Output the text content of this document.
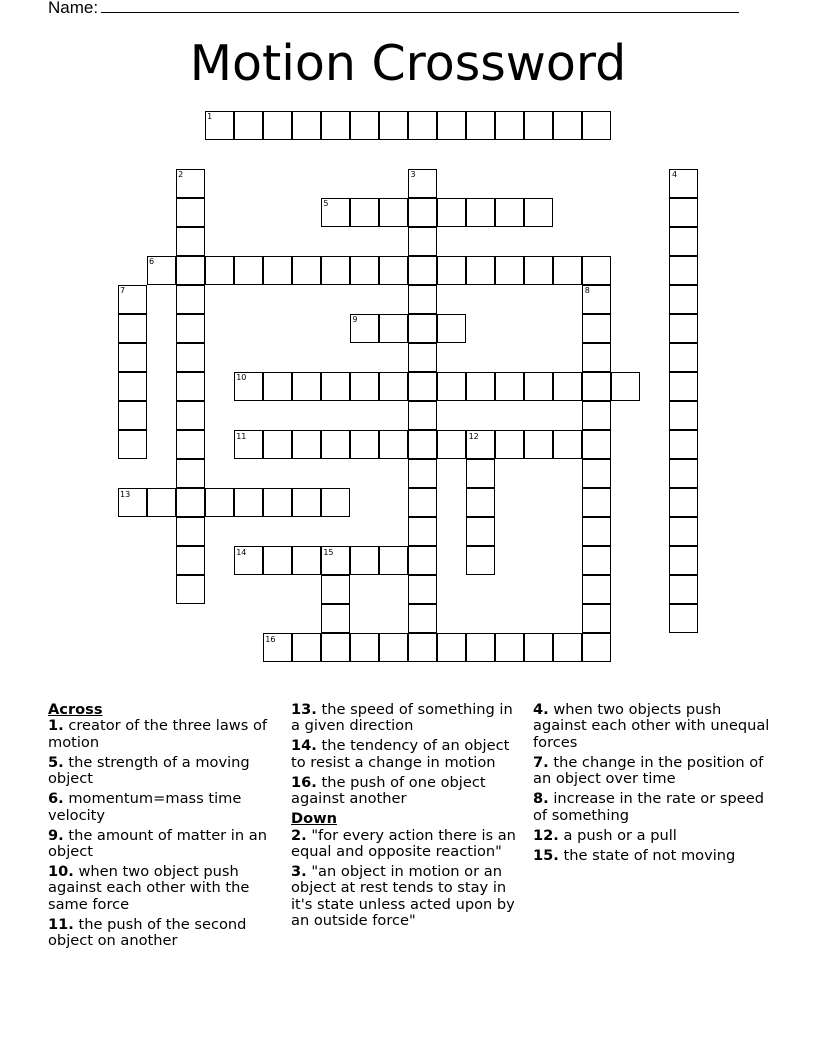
Name:
Motion Crossword
1
2	3	4
5
6
7	8
9
10
11	12
13
14	15
16
Across
1. creator of the three laws of motion
5. the strength of a moving object
6. momentum=mass time velocity
9. the amount of matter in an object
10. when two object push against each other with the same force
11. the push of the second object on another
13. the speed of something in a given direction
14. the tendency of an object to resist a change in motion
16. the push of one object against another
Down
2. "for every action there is an equal and opposite reaction"
3. "an object in motion or an object at rest tends to stay in it's state unless acted upon by an outside force"
4. when two objects push against each other with unequal forces
7. the change in the position of an object over time
8. increase in the rate or speed of something
12. a push or a pull
15. the state of not moving
